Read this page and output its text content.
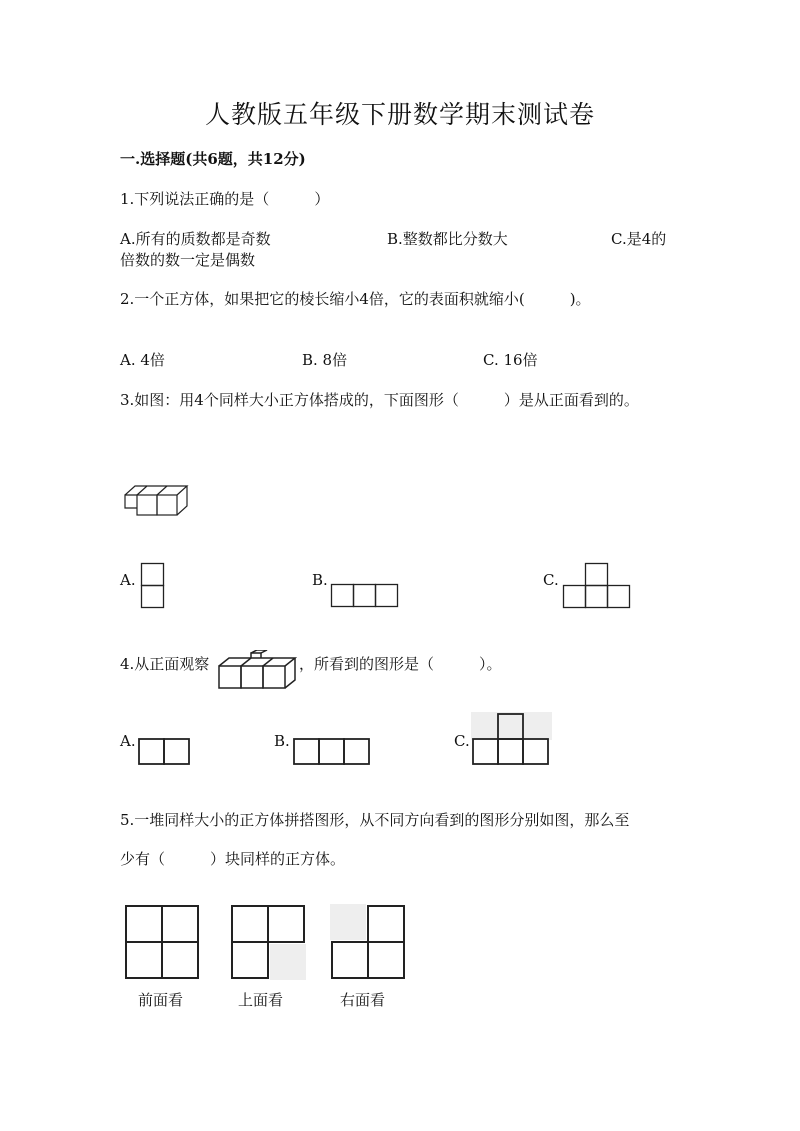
人教版五年级下册数学期末测试卷
一.选择题(共6题，共12分)
1.下列说法正确的是（　　　）
A.所有的质数都是奇数	B.整数都比分数大	C.是4的
倍数的数一定是偶数
2.一个正方体，如果把它的棱长缩小4倍，它的表面积就缩小(　　　)。
A. 4倍	B. 8倍	C. 16倍
3.如图：用4个同样大小正方体搭成的，下面图形（　　　）是从正面看到的。
A.	B.	C.
4.从正面观察	，所看到的图形是（　　　）。
A.	B.	C.
5.一堆同样大小的正方体拼搭图形，从不同方向看到的图形分别如图，那么至
少有（　　　）块同样的正方体。
前面看	上面看	右面看
